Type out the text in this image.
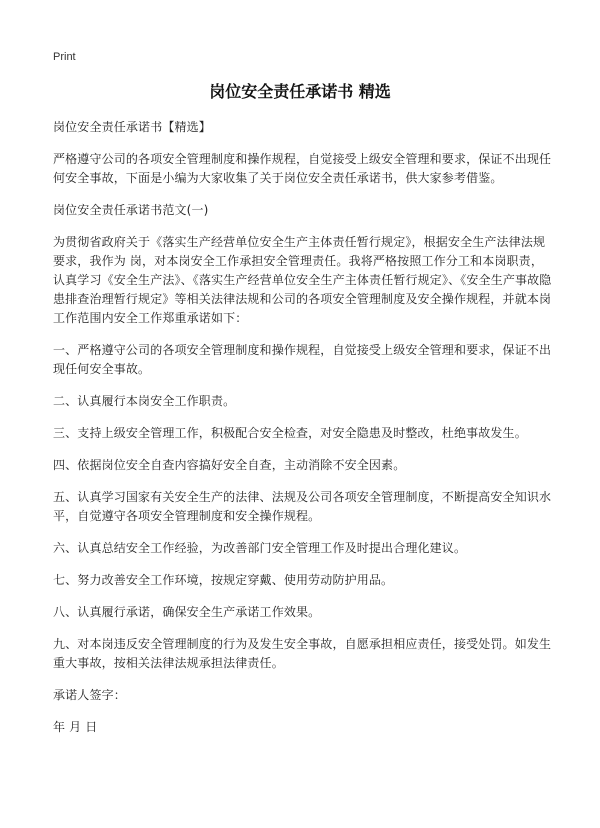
Print
岗位安全责任承诺书 精选

岗位安全责任承诺书【精选】

严格遵守公司的各项安全管理制度和操作规程，自觉接受上级安全管理和要求，保证不出现任何安全事故，下面是小编为大家收集了关于岗位安全责任承诺书，供大家参考借鉴。

岗位安全责任承诺书范文(一)

为贯彻省政府关于《落实生产经营单位安全生产主体责任暂行规定》，根据安全生产法律法规要求，我作为 岗，对本岗安全工作承担安全管理责任。我将严格按照工作分工和本岗职责，认真学习《安全生产法》、《落实生产经营单位安全生产主体责任暂行规定》、《安全生产事故隐患排查治理暂行规定》等相关法律法规和公司的各项安全管理制度及安全操作规程，并就本岗工作范围内安全工作郑重承诺如下：

一、严格遵守公司的各项安全管理制度和操作规程，自觉接受上级安全管理和要求，保证不出现任何安全事故。

二、认真履行本岗安全工作职责。

三、支持上级安全管理工作，积极配合安全检查，对安全隐患及时整改，杜绝事故发生。

四、依据岗位安全自查内容搞好安全自查，主动消除不安全因素。

五、认真学习国家有关安全生产的法律、法规及公司各项安全管理制度，不断提高安全知识水平，自觉遵守各项安全管理制度和安全操作规程。

六、认真总结安全工作经验，为改善部门安全管理工作及时提出合理化建议。

七、努力改善安全工作环境，按规定穿戴、使用劳动防护用品。

八、认真履行承诺，确保安全生产承诺工作效果。

九、对本岗违反安全管理制度的行为及发生安全事故，自愿承担相应责任，接受处罚。如发生重大事故，按相关法律法规承担法律责任。

承诺人签字：

年 月 日
